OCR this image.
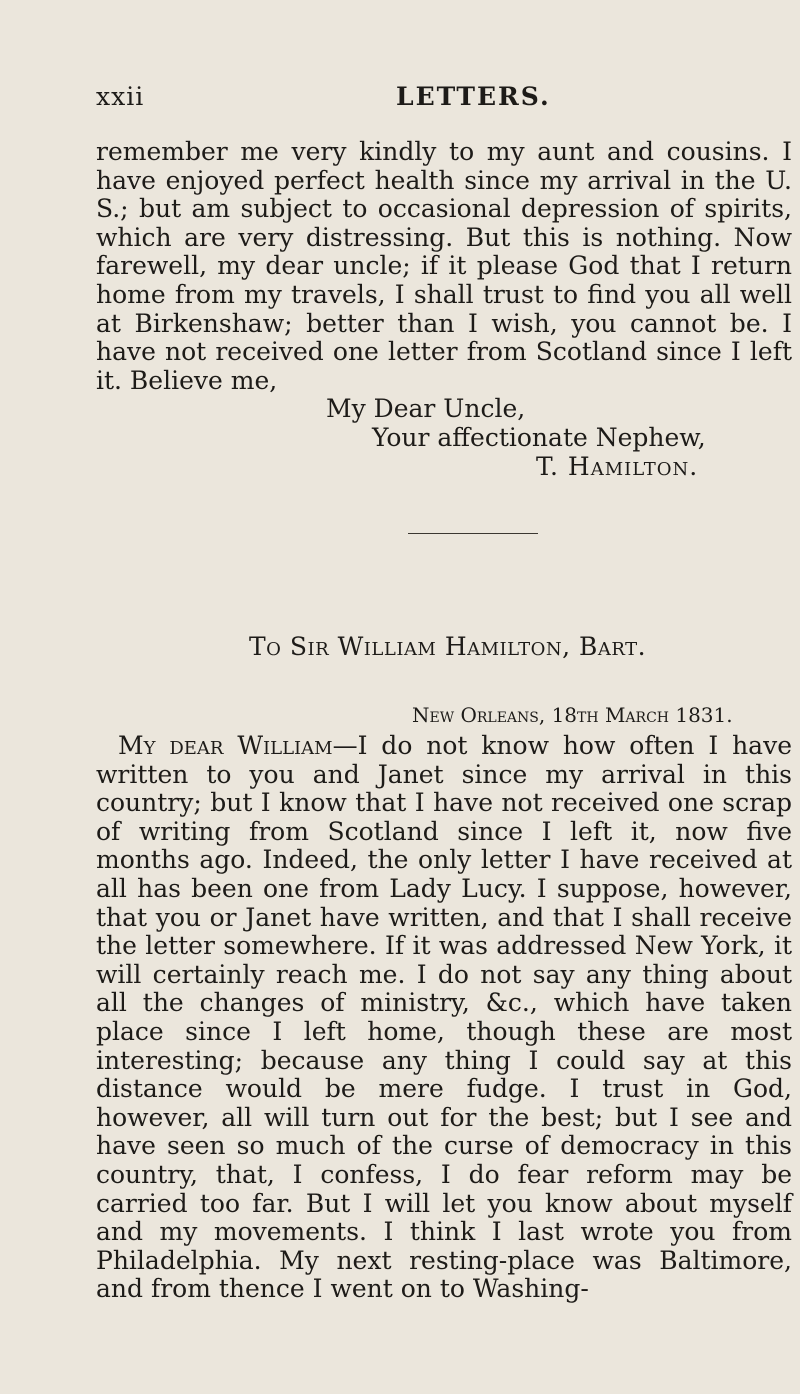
xxii	LETTERS.

remember me very kindly to my aunt and cousins. I have enjoyed perfect health since my arrival in the U. S.; but am subject to occasional depression of spirits, which are very distressing. But this is nothing. Now farewell, my dear uncle; if it please God that I return home from my travels, I shall trust to find you all well at Birkenshaw; better than I wish, you cannot be. I have not received one letter from Scotland since I left it. Believe me,

My Dear Uncle,
Your affectionate Nephew,
T. Hamilton.
To Sir William Hamilton, Bart.
New Orleans, 18th March 1831.

My dear William—I do not know how often I have written to you and Janet since my arrival in this country; but I know that I have not received one scrap of writing from Scotland since I left it, now five months ago. Indeed, the only letter I have received at all has been one from Lady Lucy. I suppose, however, that you or Janet have written, and that I shall receive the letter somewhere. If it was addressed New York, it will certainly reach me. I do not say any thing about all the changes of ministry, &c., which have taken place since I left home, though these are most interesting; because any thing I could say at this distance would be mere fudge. I trust in God, however, all will turn out for the best; but I see and have seen so much of the curse of democracy in this country, that, I confess, I do fear reform may be carried too far. But I will let you know about myself and my movements. I think I last wrote you from Philadelphia. My next resting-place was Baltimore, and from thence I went on to Washing-
